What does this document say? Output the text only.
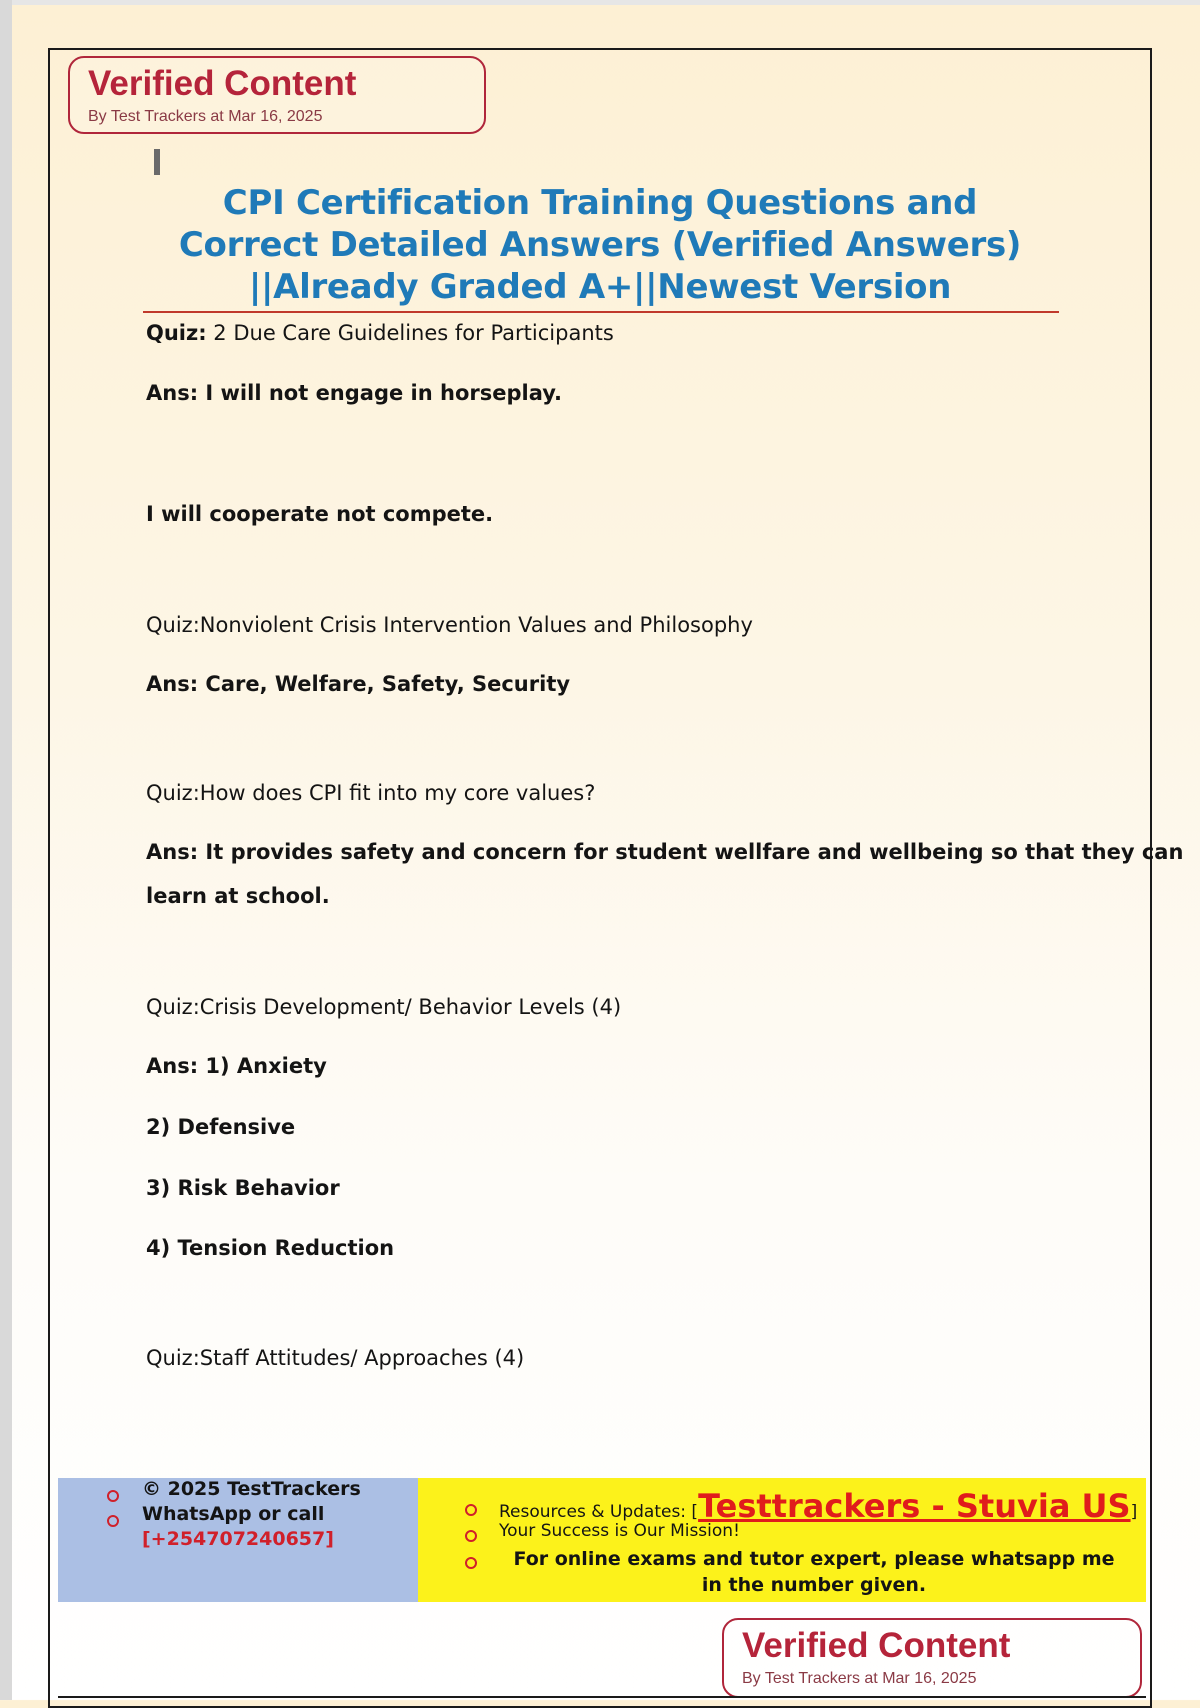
Verified Content
By Test Trackers at Mar 16, 2025
CPI Certification Training Questions and Correct Detailed Answers (Verified Answers) ||Already Graded A+||Newest Version
Quiz: 2 Due Care Guidelines for Participants
Ans: I will not engage in horseplay.
I will cooperate not compete.
Quiz:Nonviolent Crisis Intervention Values and Philosophy
Ans: Care, Welfare, Safety, Security
Quiz:How does CPI fit into my core values?
Ans: It provides safety and concern for student wellfare and wellbeing so that they can
learn at school.
Quiz:Crisis Development/ Behavior Levels (4)
Ans: 1) Anxiety
2) Defensive
3) Risk Behavior
4) Tension Reduction
Quiz:Staff Attitudes/ Approaches (4)
© 2025 TestTrackers
WhatsApp or call
[+254707240657]
Resources & Updates: [Testtrackers - Stuvia US]
Your Success is Our Mission!
For online exams and tutor expert, please whatsapp me
in the number given.
Verified Content
By Test Trackers at Mar 16, 2025
